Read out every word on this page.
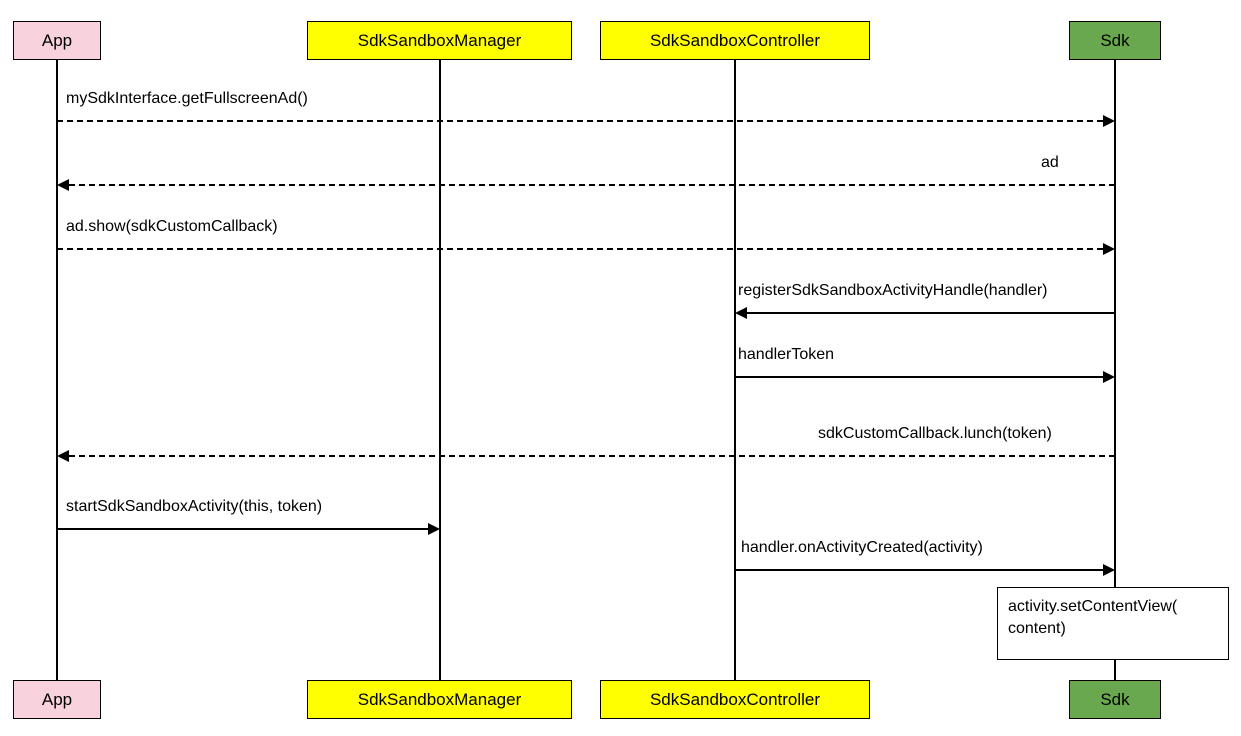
App	SdkSandboxManager	SdkSandboxController	Sdk
App	SdkSandboxManager	SdkSandboxController	Sdk
mySdkInterface.getFullscreenAd()
ad
ad.show(sdkCustomCallback)
registerSdkSandboxActivityHandle(handler)
handlerToken
sdkCustomCallback.lunch(token)
startSdkSandboxActivity(this, token)
handler.onActivityCreated(activity)
activity.setContentView(
content)
